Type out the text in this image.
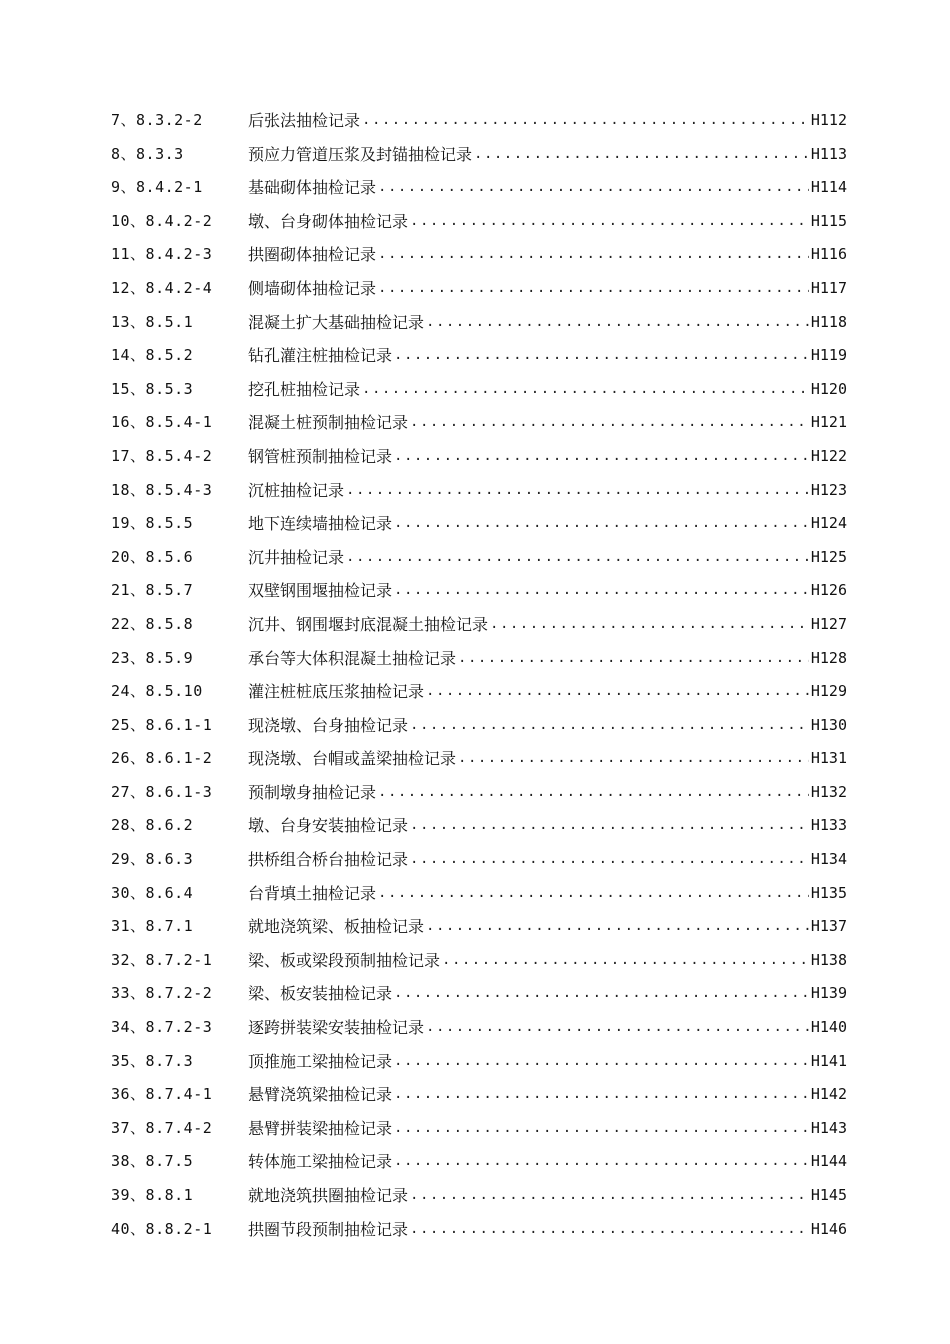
7、8.3.2-2	后张法抽检记录 .....	H112
8、8.3.3	预应力管道压浆及封锚抽检记录 .....	H113
9、8.4.2-1	基础砌体抽检记录 .....	H114
10、8.4.2-2	墩、台身砌体抽检记录 .....	H115
11、8.4.2-3	拱圈砌体抽检记录 .....	H116
12、8.4.2-4	侧墙砌体抽检记录 .....	H117
13、8.5.1	混凝土扩大基础抽检记录 .....	H118
14、8.5.2	钻孔灌注桩抽检记录 .....	H119
15、8.5.3	挖孔桩抽检记录 .....	H120
16、8.5.4-1	混凝土桩预制抽检记录 .....	H121
17、8.5.4-2	钢管桩预制抽检记录 .....	H122
18、8.5.4-3	沉桩抽检记录 .....	H123
19、8.5.5	地下连续墙抽检记录 .....	H124
20、8.5.6	沉井抽检记录 .....	H125
21、8.5.7	双壁钢围堰抽检记录 .....	H126
22、8.5.8	沉井、钢围堰封底混凝土抽检记录 .....	H127
23、8.5.9	承台等大体积混凝土抽检记录 .....	H128
24、8.5.10	灌注桩桩底压浆抽检记录 .....	H129
25、8.6.1-1	现浇墩、台身抽检记录 .....	H130
26、8.6.1-2	现浇墩、台帽或盖梁抽检记录 .....	H131
27、8.6.1-3	预制墩身抽检记录 .....	H132
28、8.6.2	墩、台身安装抽检记录 .....	H133
29、8.6.3	拱桥组合桥台抽检记录 .....	H134
30、8.6.4	台背填土抽检记录 .....	H135
31、8.7.1	就地浇筑梁、板抽检记录 .....	H137
32、8.7.2-1	梁、板或梁段预制抽检记录 .....	H138
33、8.7.2-2	梁、板安装抽检记录 .....	H139
34、8.7.2-3	逐跨拼装梁安装抽检记录 .....	H140
35、8.7.3	顶推施工梁抽检记录 .....	H141
36、8.7.4-1	悬臂浇筑梁抽检记录 .....	H142
37、8.7.4-2	悬臂拼装梁抽检记录 .....	H143
38、8.7.5	转体施工梁抽检记录 .....	H144
39、8.8.1	就地浇筑拱圈抽检记录 .....	H145
40、8.8.2-1	拱圈节段预制抽检记录 .....	H146
